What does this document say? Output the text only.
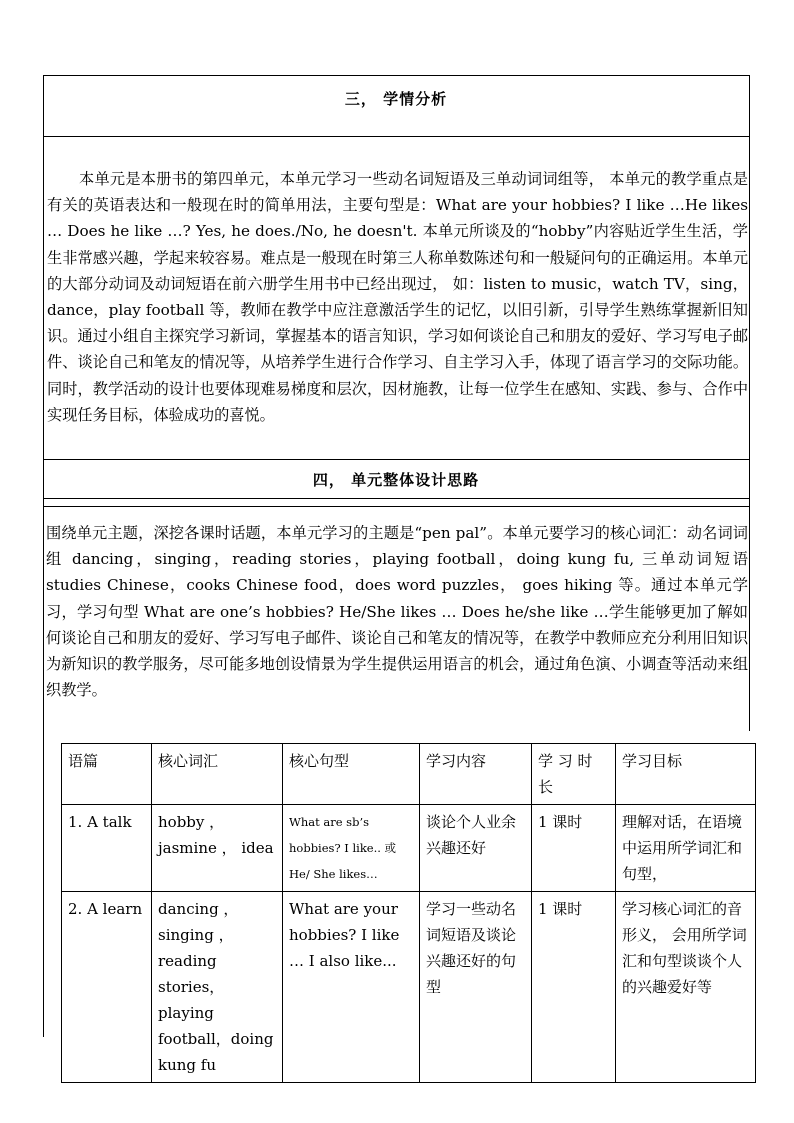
三， 学情分析

本单元是本册书的第四单元，本单元学习一些动名词短语及三单动词词组等， 本单元的教学重点是有关的英语表达和一般现在时的简单用法，主要句型是：What are your hobbies? I like …He likes … Does he like …? Yes, he does./No, he doesn't. 本单元所谈及的“hobby”内容贴近学生生活，学生非常感兴趣，学起来较容易。难点是一般现在时第三人称单数陈述句和一般疑问句的正确运用。本单元的大部分动词及动词短语在前六册学生用书中已经出现过， 如：listen to music，watch TV，sing，dance，play football 等，教师在教学中应注意激活学生的记忆，以旧引新，引导学生熟练掌握新旧知识。通过小组自主探究学习新词，掌握基本的语言知识，学习如何谈论自己和朋友的爱好、学习写电子邮件、谈论自己和笔友的情况等，从培养学生进行合作学习、自主学习入手，体现了语言学习的交际功能。同时，教学活动的设计也要体现难易梯度和层次，因材施教，让每一位学生在感知、实践、参与、合作中实现任务目标，体验成功的喜悦。

四， 单元整体设计思路

围绕单元主题，深挖各课时话题，本单元学习的主题是“pen pal”。本单元要学习的核心词汇：动名词词组 dancing，singing，reading stories，playing football，doing kung fu, 三单动词短语 studies Chinese，cooks Chinese food，does word puzzles， goes hiking 等。通过本单元学习，学习句型 What are one’s hobbies? He/She likes … Does he/she like …学生能够更加了解如何谈论自己和朋友的爱好、学习写电子邮件、谈论自己和笔友的情况等，在教学中教师应充分利用旧知识为新知识的教学服务，尽可能多地创设情景为学生提供运用语言的机会，通过角色演、小调查等活动来组织教学。

语篇	核心词汇	核心句型	学习内容	学 习 时 长	学习目标
1. A talk	hobby ， jasmine ， idea	What are sb’s hobbies? I like.. 或 He/ She likes…	谈论个人业余兴趣还好	1 课时	理解对话，在语境中运用所学词汇和句型，
2. A learn	dancing ， singing ， reading stories，playing football，doing kung fu	What are your hobbies? I like … I also like...	学习一些动名词短语及谈论兴趣还好的句型	1 课时	学习核心词汇的音形义， 会用所学词汇和句型谈谈个人的兴趣爱好等
